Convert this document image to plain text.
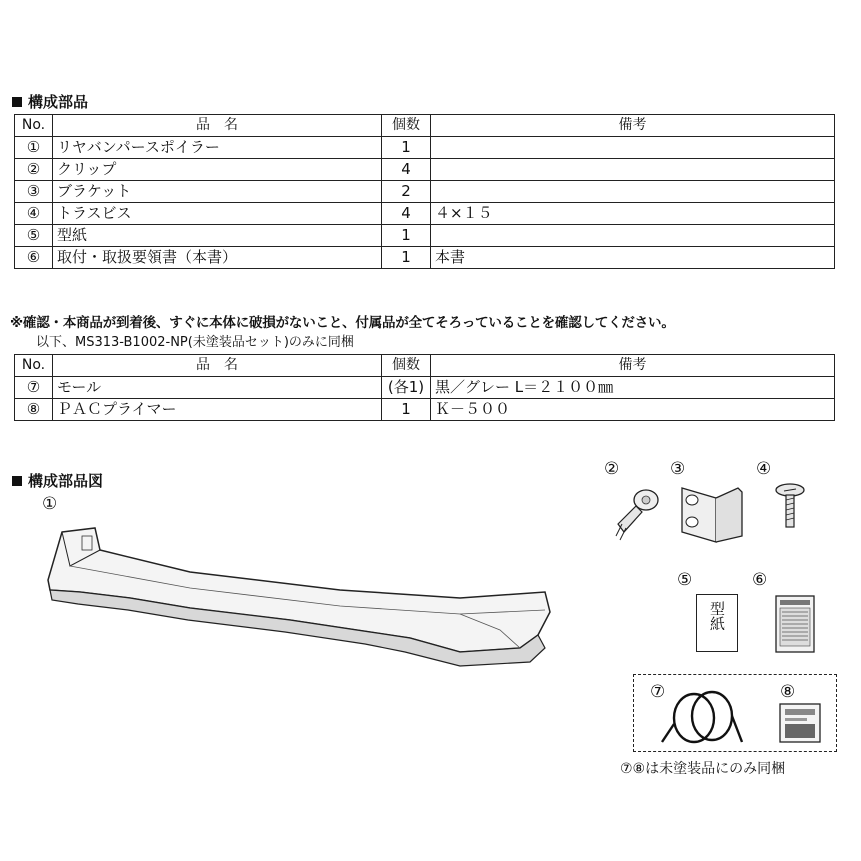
構成部品
No.	品　名	個数	備考
①	リヤバンパースポイラー	1	
②	クリップ	4	
③	ブラケット	2	
④	トラスビス	4	４×１５
⑤	型紙	1	
⑥	取付・取扱要領書（本書）	1	本書
※確認・本商品が到着後、すぐに本体に破損がないこと、付属品が全てそろっていることを確認してください。
以下、MS313-B1002-NP(未塗装品セット)のみに同梱
No.	品　名	個数	備考
⑦	モール	(各1)	黒／グレー L＝２１００㎜
⑧	ＰＡＣプライマー	1	Ｋ－５００
構成部品図
①
②	③	④
⑤	⑥
⑦	⑧
型紙
⑦⑧は未塗装品にのみ同梱
